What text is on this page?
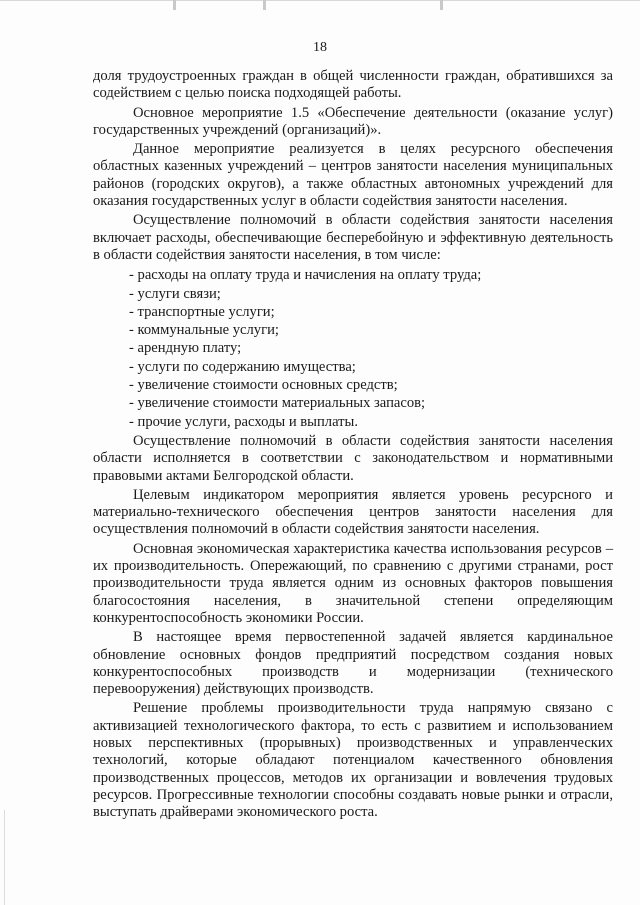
18

доля трудоустроенных граждан в общей численности граждан, обратившихся за содействием с целью поиска подходящей работы.

Основное мероприятие 1.5 «Обеспечение деятельности (оказание услуг) государственных учреждений (организаций)».

Данное мероприятие реализуется в целях ресурсного обеспечения областных казенных учреждений – центров занятости населения муниципальных районов (городских округов), а также областных автономных учреждений для оказания государственных услуг в области содействия занятости населения.

Осуществление полномочий в области содействия занятости населения включает расходы, обеспечивающие бесперебойную и эффективную деятельность в области содействия занятости населения, в том числе:

- расходы на оплату труда и начисления на оплату труда;
- услуги связи;
- транспортные услуги;
- коммунальные услуги;
- арендную плату;
- услуги по содержанию имущества;
- увеличение стоимости основных средств;
- увеличение стоимости материальных запасов;
- прочие услуги, расходы и выплаты.

Осуществление полномочий в области содействия занятости населения области исполняется в соответствии с законодательством и нормативными правовыми актами Белгородской области.

Целевым индикатором мероприятия является уровень ресурсного и материально-технического обеспечения центров занятости населения для осуществления полномочий в области содействия занятости населения.

Основная экономическая характеристика качества использования ресурсов – их производительность. Опережающий, по сравнению с другими странами, рост производительности труда является одним из основных факторов повышения благосостояния населения, в значительной степени определяющим конкурентоспособность экономики России.

В настоящее время первостепенной задачей является кардинальное обновление основных фондов предприятий посредством создания новых конкурентоспособных производств и модернизации (технического перевооружения) действующих производств.

Решение проблемы производительности труда напрямую связано с активизацией технологического фактора, то есть с развитием и использованием новых перспективных (прорывных) производственных и управленческих технологий, которые обладают потенциалом качественного обновления производственных процессов, методов их организации и вовлечения трудовых ресурсов. Прогрессивные технологии способны создавать новые рынки и отрасли, выступать драйверами экономического роста.
